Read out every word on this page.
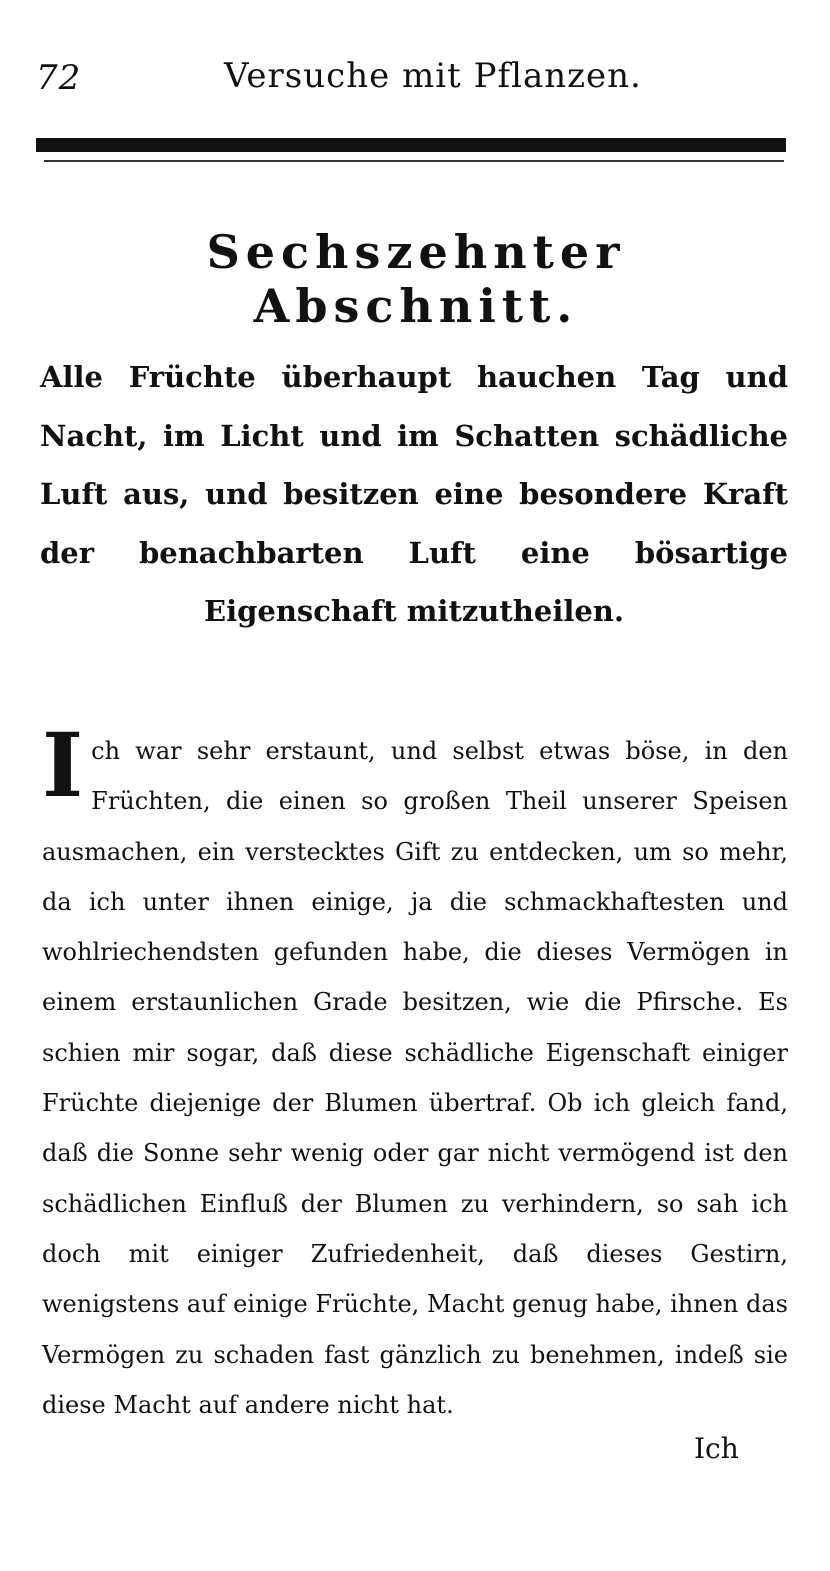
72	Versuche mit Pflanzen.
Sechszehnter Abschnitt.
Alle Früchte überhaupt hauchen Tag und Nacht, im Licht und im Schatten schädliche Luft aus, und besitzen eine besondere Kraft der benachbarten Luft eine bösartige Eigenschaft mitzutheilen.
Ich war sehr erstaunt, und selbst etwas böse, in den Früchten, die einen so großen Theil unserer Speisen ausmachen, ein verstecktes Gift zu entdecken, um so mehr, da ich unter ihnen einige, ja die schmackhaftesten und wohlriechendsten gefunden habe, die dieses Vermögen in einem erstaunlichen Grade besitzen, wie die Pfirsche. Es schien mir sogar, daß diese schädliche Eigenschaft einiger Früchte diejenige der Blumen übertraf. Ob ich gleich fand, daß die Sonne sehr wenig oder gar nicht vermögend ist den schädlichen Einfluß der Blumen zu verhindern, so sah ich doch mit einiger Zufriedenheit, daß dieses Gestirn, wenigstens auf einige Früchte, Macht genug habe, ihnen das Vermögen zu schaden fast gänzlich zu benehmen, indeß sie diese Macht auf andere nicht hat.
Ich
